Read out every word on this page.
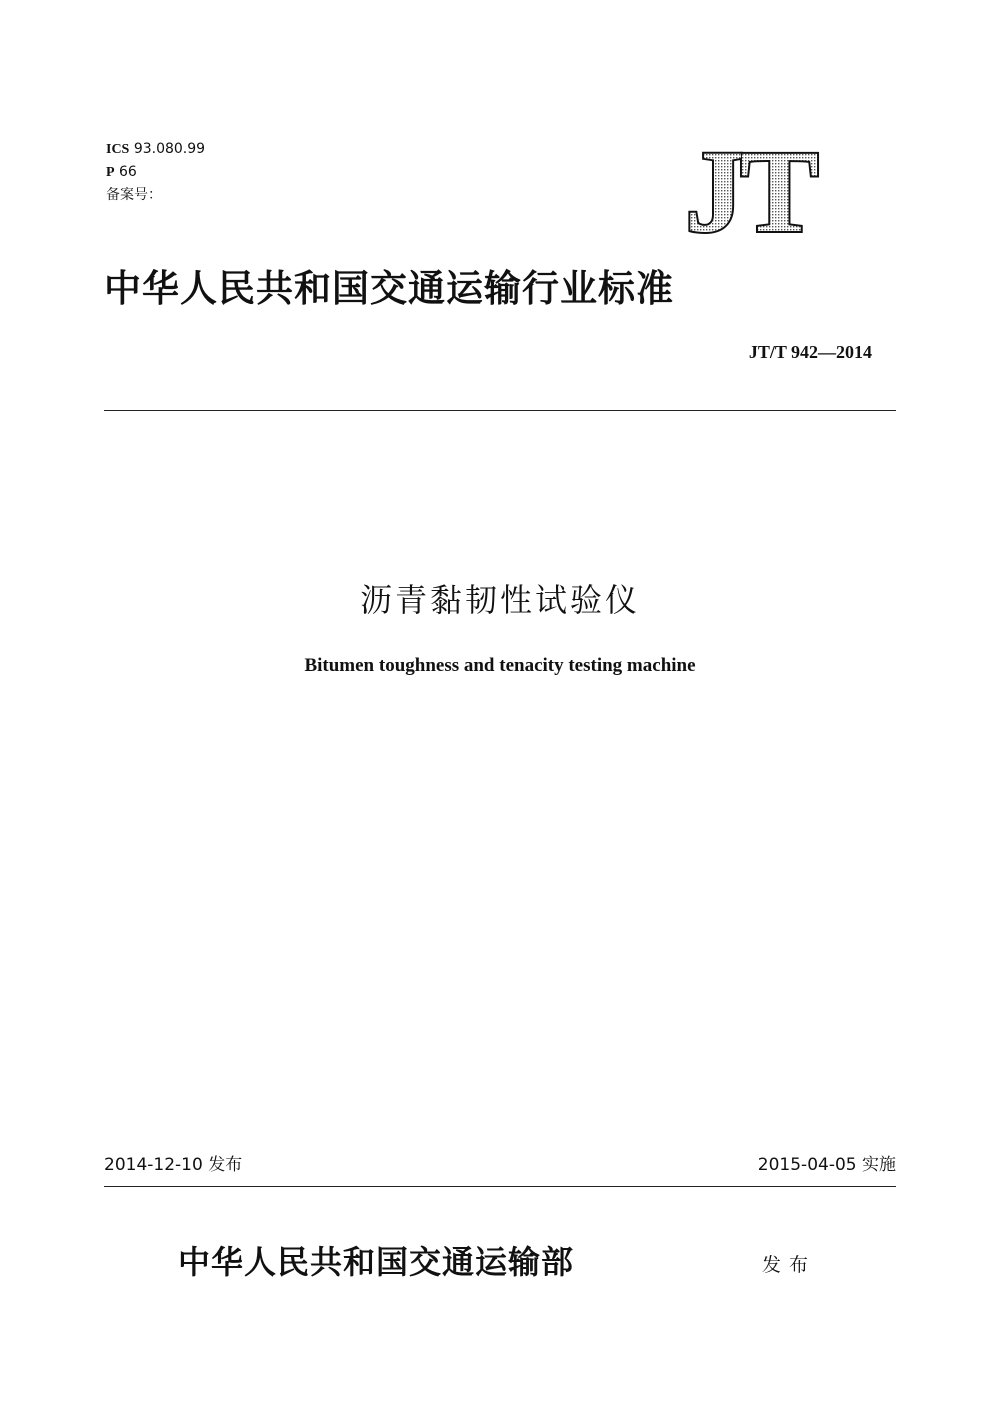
ICS 93.080.99
P 66
备案号：	JT
中华人民共和国交通运输行业标准
JT/T 942—2014
沥青黏韧性试验仪
Bitumen toughness and tenacity testing machine
2014-12-10 发布	2015-04-05 实施
中华人民共和国交通运输部	发布
